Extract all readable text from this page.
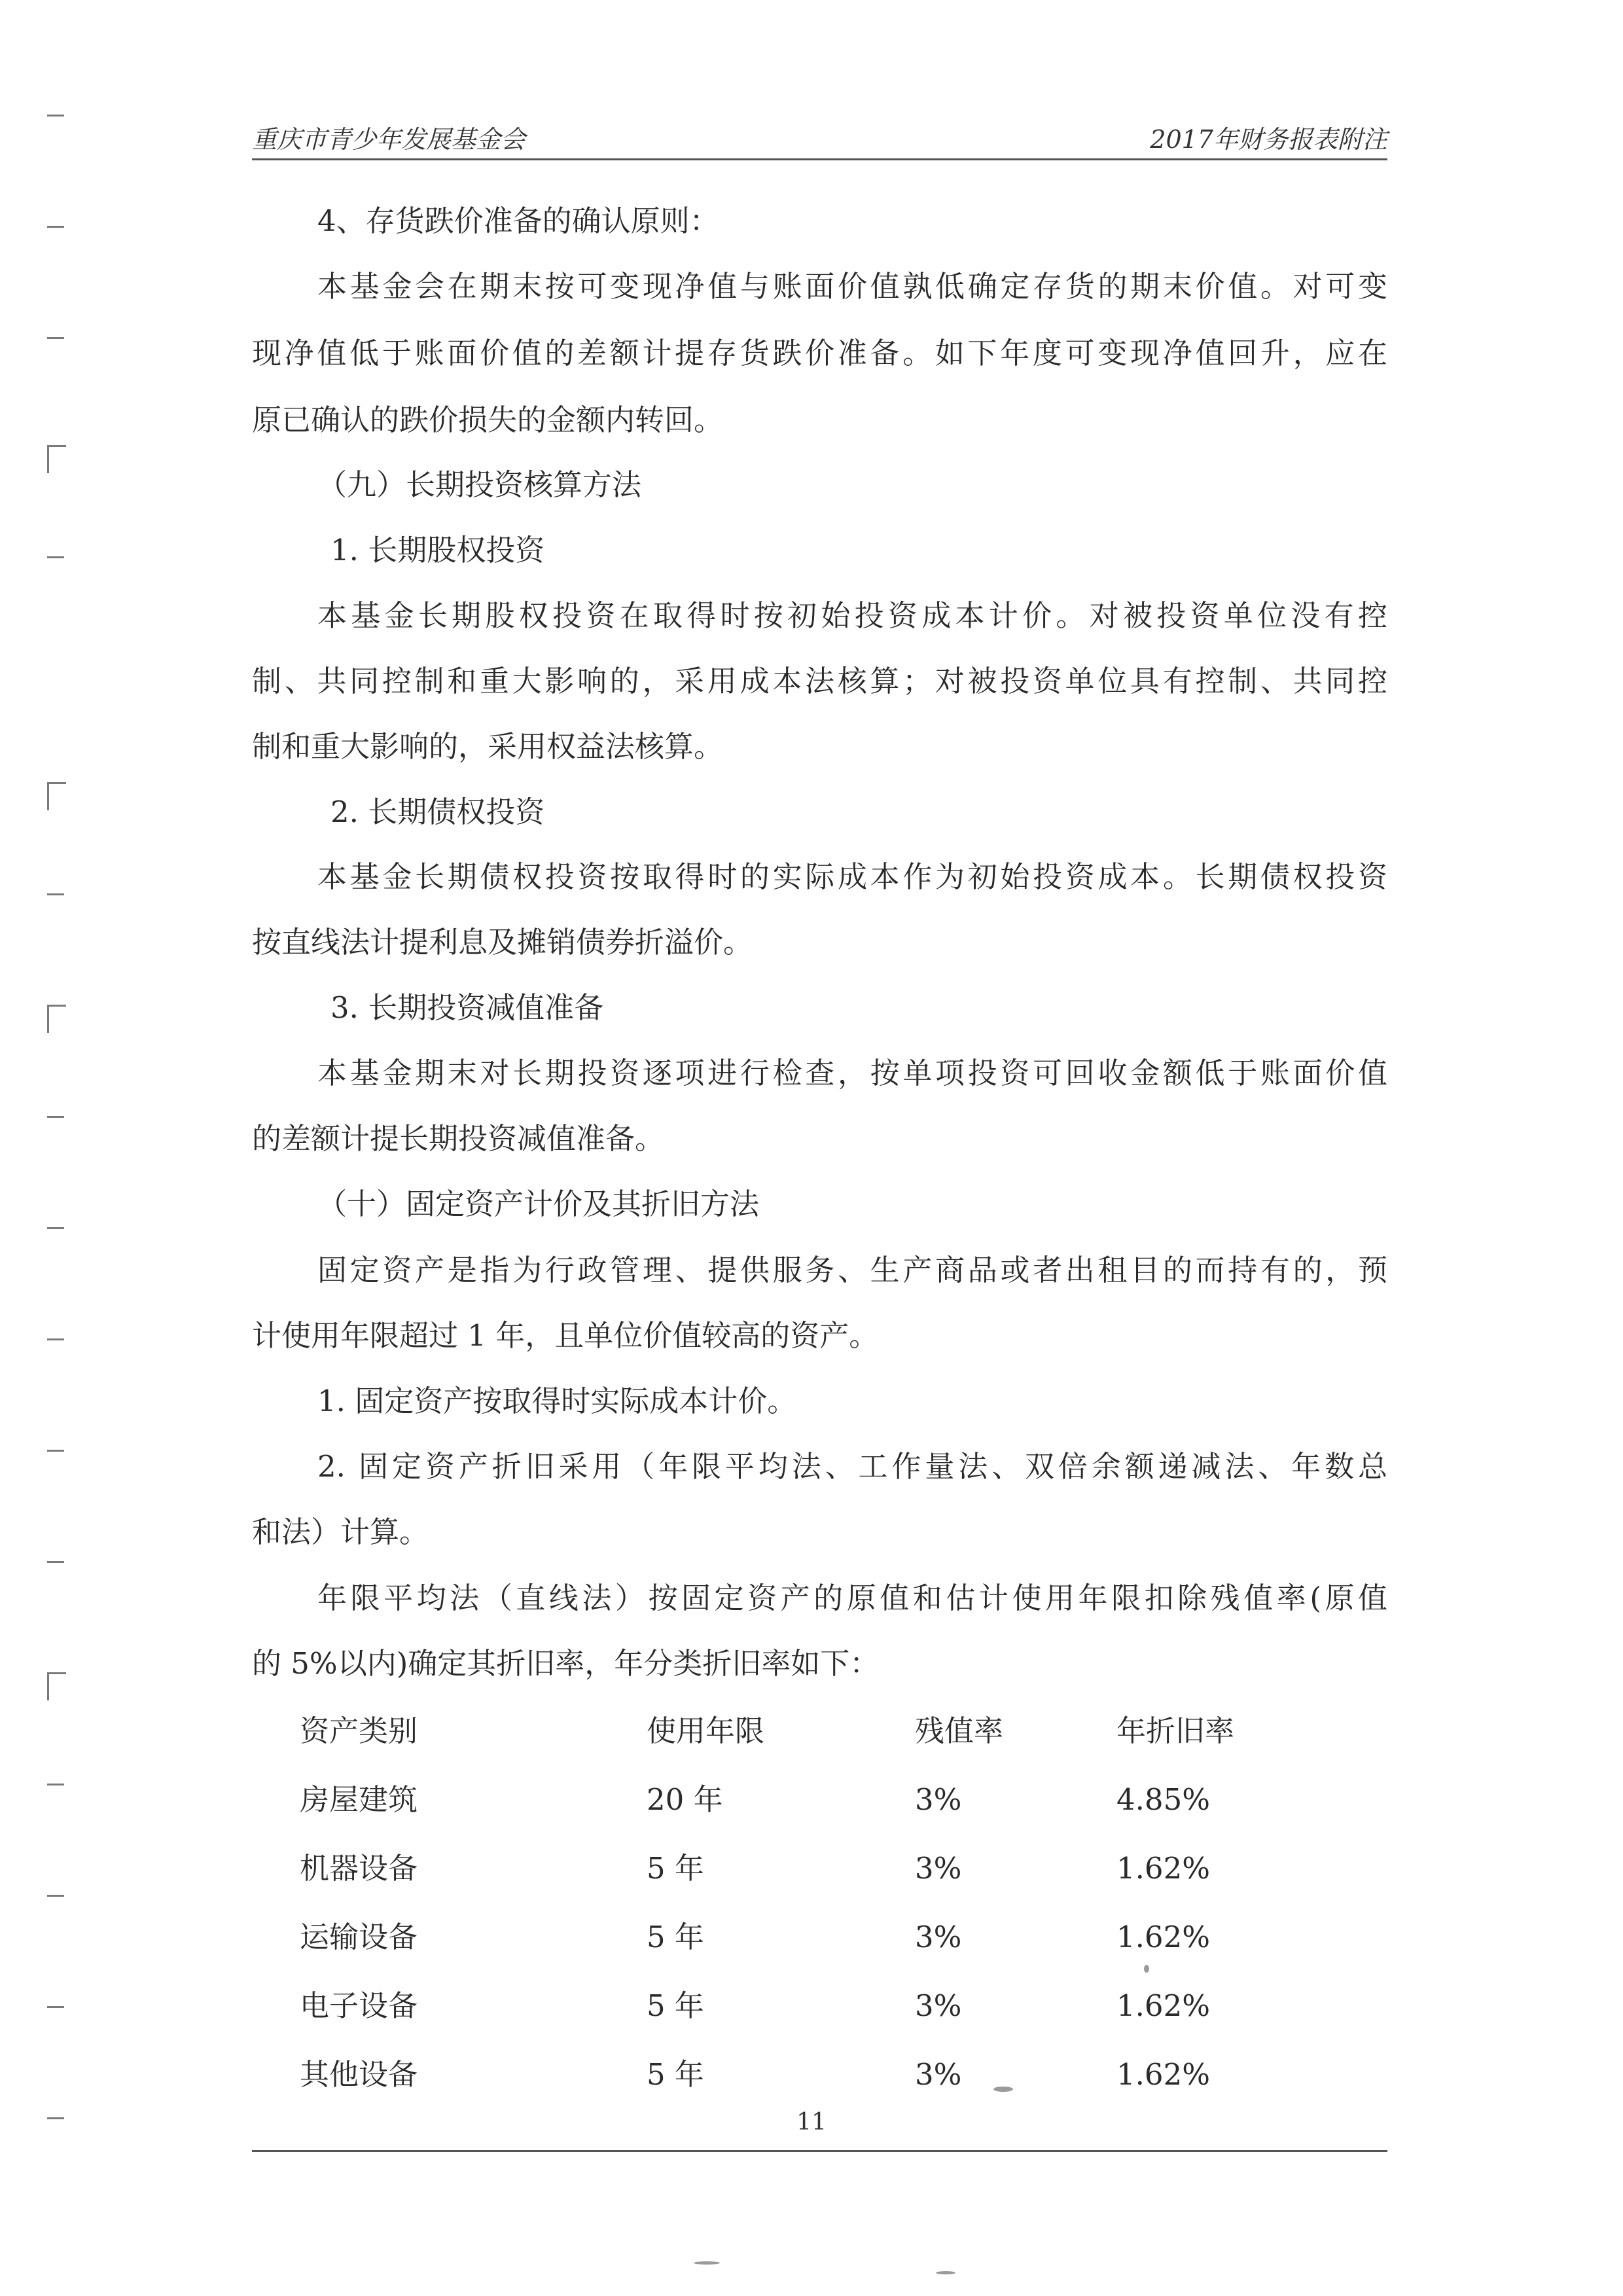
重庆市青少年发展基金会	2017年财务报表附注
4、存货跌价准备的确认原则：
本基金会在期末按可变现净值与账面价值孰低确定存货的期末价值。对可变
现净值低于账面价值的差额计提存货跌价准备。如下年度可变现净值回升，应在
原已确认的跌价损失的金额内转回。
（九）长期投资核算方法
1. 长期股权投资
本基金长期股权投资在取得时按初始投资成本计价。对被投资单位没有控
制、共同控制和重大影响的，采用成本法核算；对被投资单位具有控制、共同控
制和重大影响的，采用权益法核算。
2. 长期债权投资
本基金长期债权投资按取得时的实际成本作为初始投资成本。长期债权投资
按直线法计提利息及摊销债券折溢价。
3. 长期投资减值准备
本基金期末对长期投资逐项进行检查，按单项投资可回收金额低于账面价值
的差额计提长期投资减值准备。
（十）固定资产计价及其折旧方法
固定资产是指为行政管理、提供服务、生产商品或者出租目的而持有的，预
计使用年限超过 1 年，且单位价值较高的资产。
1. 固定资产按取得时实际成本计价。
2. 固定资产折旧采用（年限平均法、工作量法、双倍余额递减法、年数总
和法）计算。
年限平均法（直线法）按固定资产的原值和估计使用年限扣除残值率(原值
的 5%以内)确定其折旧率，年分类折旧率如下：
资产类别	使用年限	残值率	年折旧率
房屋建筑	20 年	3%	4.85%
机器设备	5 年	3%	1.62%
运输设备	5 年	3%	1.62%
电子设备	5 年	3%	1.62%
其他设备	5 年	3%	1.62%
11
